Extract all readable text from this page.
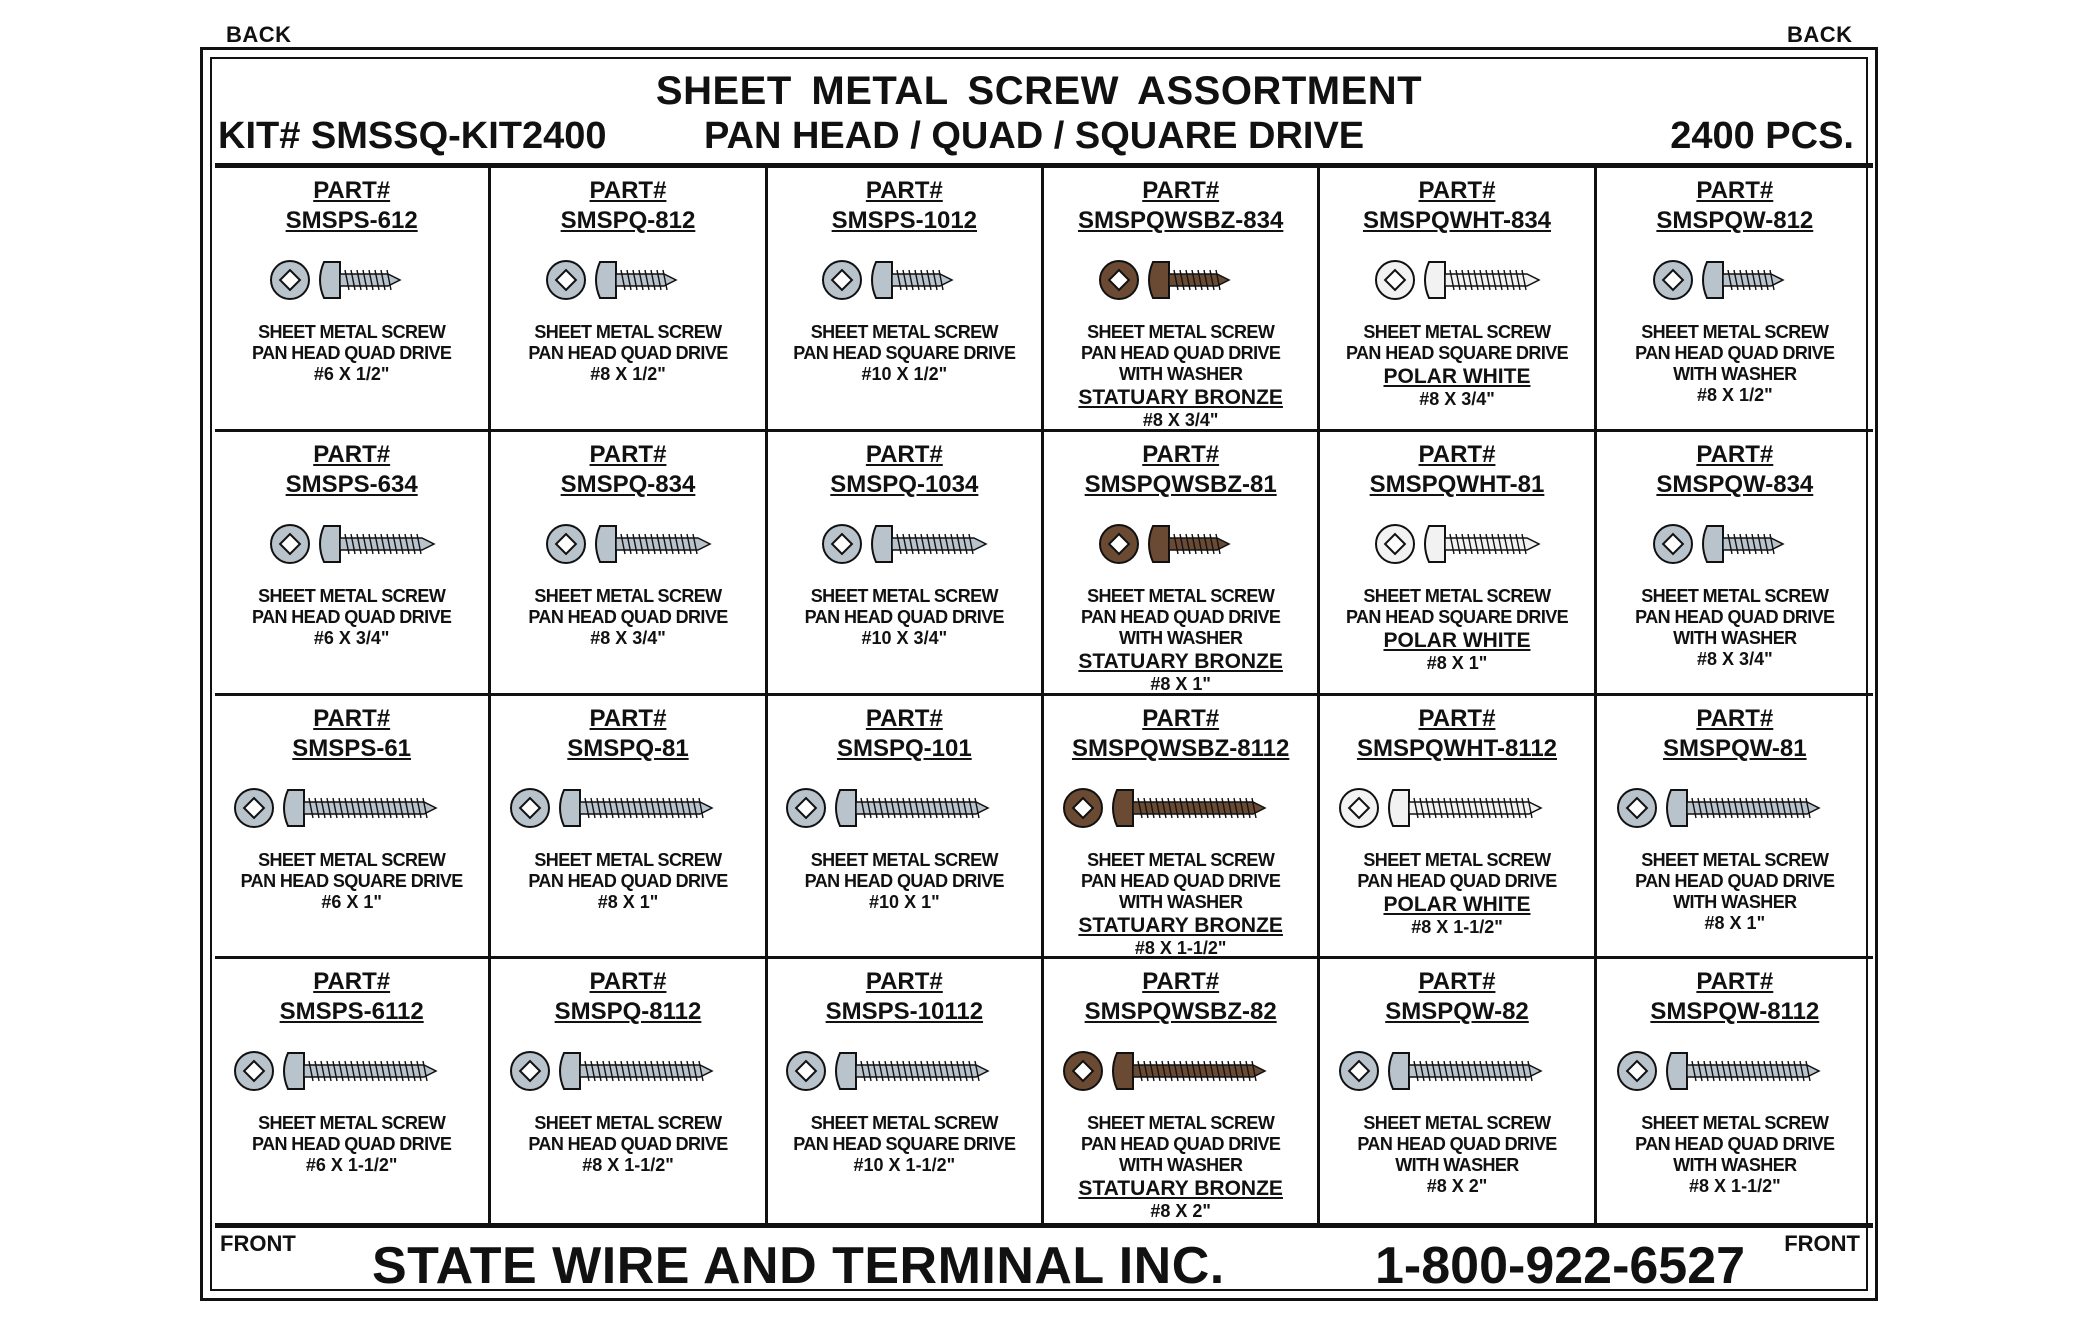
BACK	BACK
SHEET METAL SCREW ASSORTMENT
KIT# SMSSQ-KIT2400	PAN HEAD / QUAD / SQUARE DRIVE	2400 PCS.
PART#
SMSPS-612
SHEET METAL SCREW
PAN HEAD QUAD DRIVE
#6 X 1/2"
PART#
SMSPQ-812
SHEET METAL SCREW
PAN HEAD QUAD DRIVE
#8 X 1/2"
PART#
SMSPS-1012
SHEET METAL SCREW
PAN HEAD SQUARE DRIVE
#10 X 1/2"
PART#
SMSPQWSBZ-834
SHEET METAL SCREW
PAN HEAD QUAD DRIVE
WITH WASHER
STATUARY BRONZE
#8 X 3/4"
PART#
SMSPQWHT-834
SHEET METAL SCREW
PAN HEAD SQUARE DRIVE
POLAR WHITE
#8 X 3/4"
PART#
SMSPQW-812
SHEET METAL SCREW
PAN HEAD QUAD DRIVE
WITH WASHER
#8 X 1/2"
PART#
SMSPS-634
SHEET METAL SCREW
PAN HEAD QUAD DRIVE
#6 X 3/4"
PART#
SMSPQ-834
SHEET METAL SCREW
PAN HEAD QUAD DRIVE
#8 X 3/4"
PART#
SMSPQ-1034
SHEET METAL SCREW
PAN HEAD QUAD DRIVE
#10 X 3/4"
PART#
SMSPQWSBZ-81
SHEET METAL SCREW
PAN HEAD QUAD DRIVE
WITH WASHER
STATUARY BRONZE
#8 X 1"
PART#
SMSPQWHT-81
SHEET METAL SCREW
PAN HEAD SQUARE DRIVE
POLAR WHITE
#8 X 1"
PART#
SMSPQW-834
SHEET METAL SCREW
PAN HEAD QUAD DRIVE
WITH WASHER
#8 X 3/4"
PART#
SMSPS-61
SHEET METAL SCREW
PAN HEAD SQUARE DRIVE
#6 X 1"
PART#
SMSPQ-81
SHEET METAL SCREW
PAN HEAD QUAD DRIVE
#8 X 1"
PART#
SMSPQ-101
SHEET METAL SCREW
PAN HEAD QUAD DRIVE
#10 X 1"
PART#
SMSPQWSBZ-8112
SHEET METAL SCREW
PAN HEAD QUAD DRIVE
WITH WASHER
STATUARY BRONZE
#8 X 1-1/2"
PART#
SMSPQWHT-8112
SHEET METAL SCREW
PAN HEAD QUAD DRIVE
POLAR WHITE
#8 X 1-1/2"
PART#
SMSPQW-81
SHEET METAL SCREW
PAN HEAD QUAD DRIVE
WITH WASHER
#8 X 1"
PART#
SMSPS-6112
SHEET METAL SCREW
PAN HEAD QUAD DRIVE
#6 X 1-1/2"
PART#
SMSPQ-8112
SHEET METAL SCREW
PAN HEAD QUAD DRIVE
#8 X 1-1/2"
PART#
SMSPS-10112
SHEET METAL SCREW
PAN HEAD SQUARE DRIVE
#10 X 1-1/2"
PART#
SMSPQWSBZ-82
SHEET METAL SCREW
PAN HEAD QUAD DRIVE
WITH WASHER
STATUARY BRONZE
#8 X 2"
PART#
SMSPQW-82
SHEET METAL SCREW
PAN HEAD QUAD DRIVE
WITH WASHER
#8 X 2"
PART#
SMSPQW-8112
SHEET METAL SCREW
PAN HEAD QUAD DRIVE
WITH WASHER
#8 X 1-1/2"
FRONT STATE WIRE AND TERMINAL INC.	1-800-922-6527 FRONT
